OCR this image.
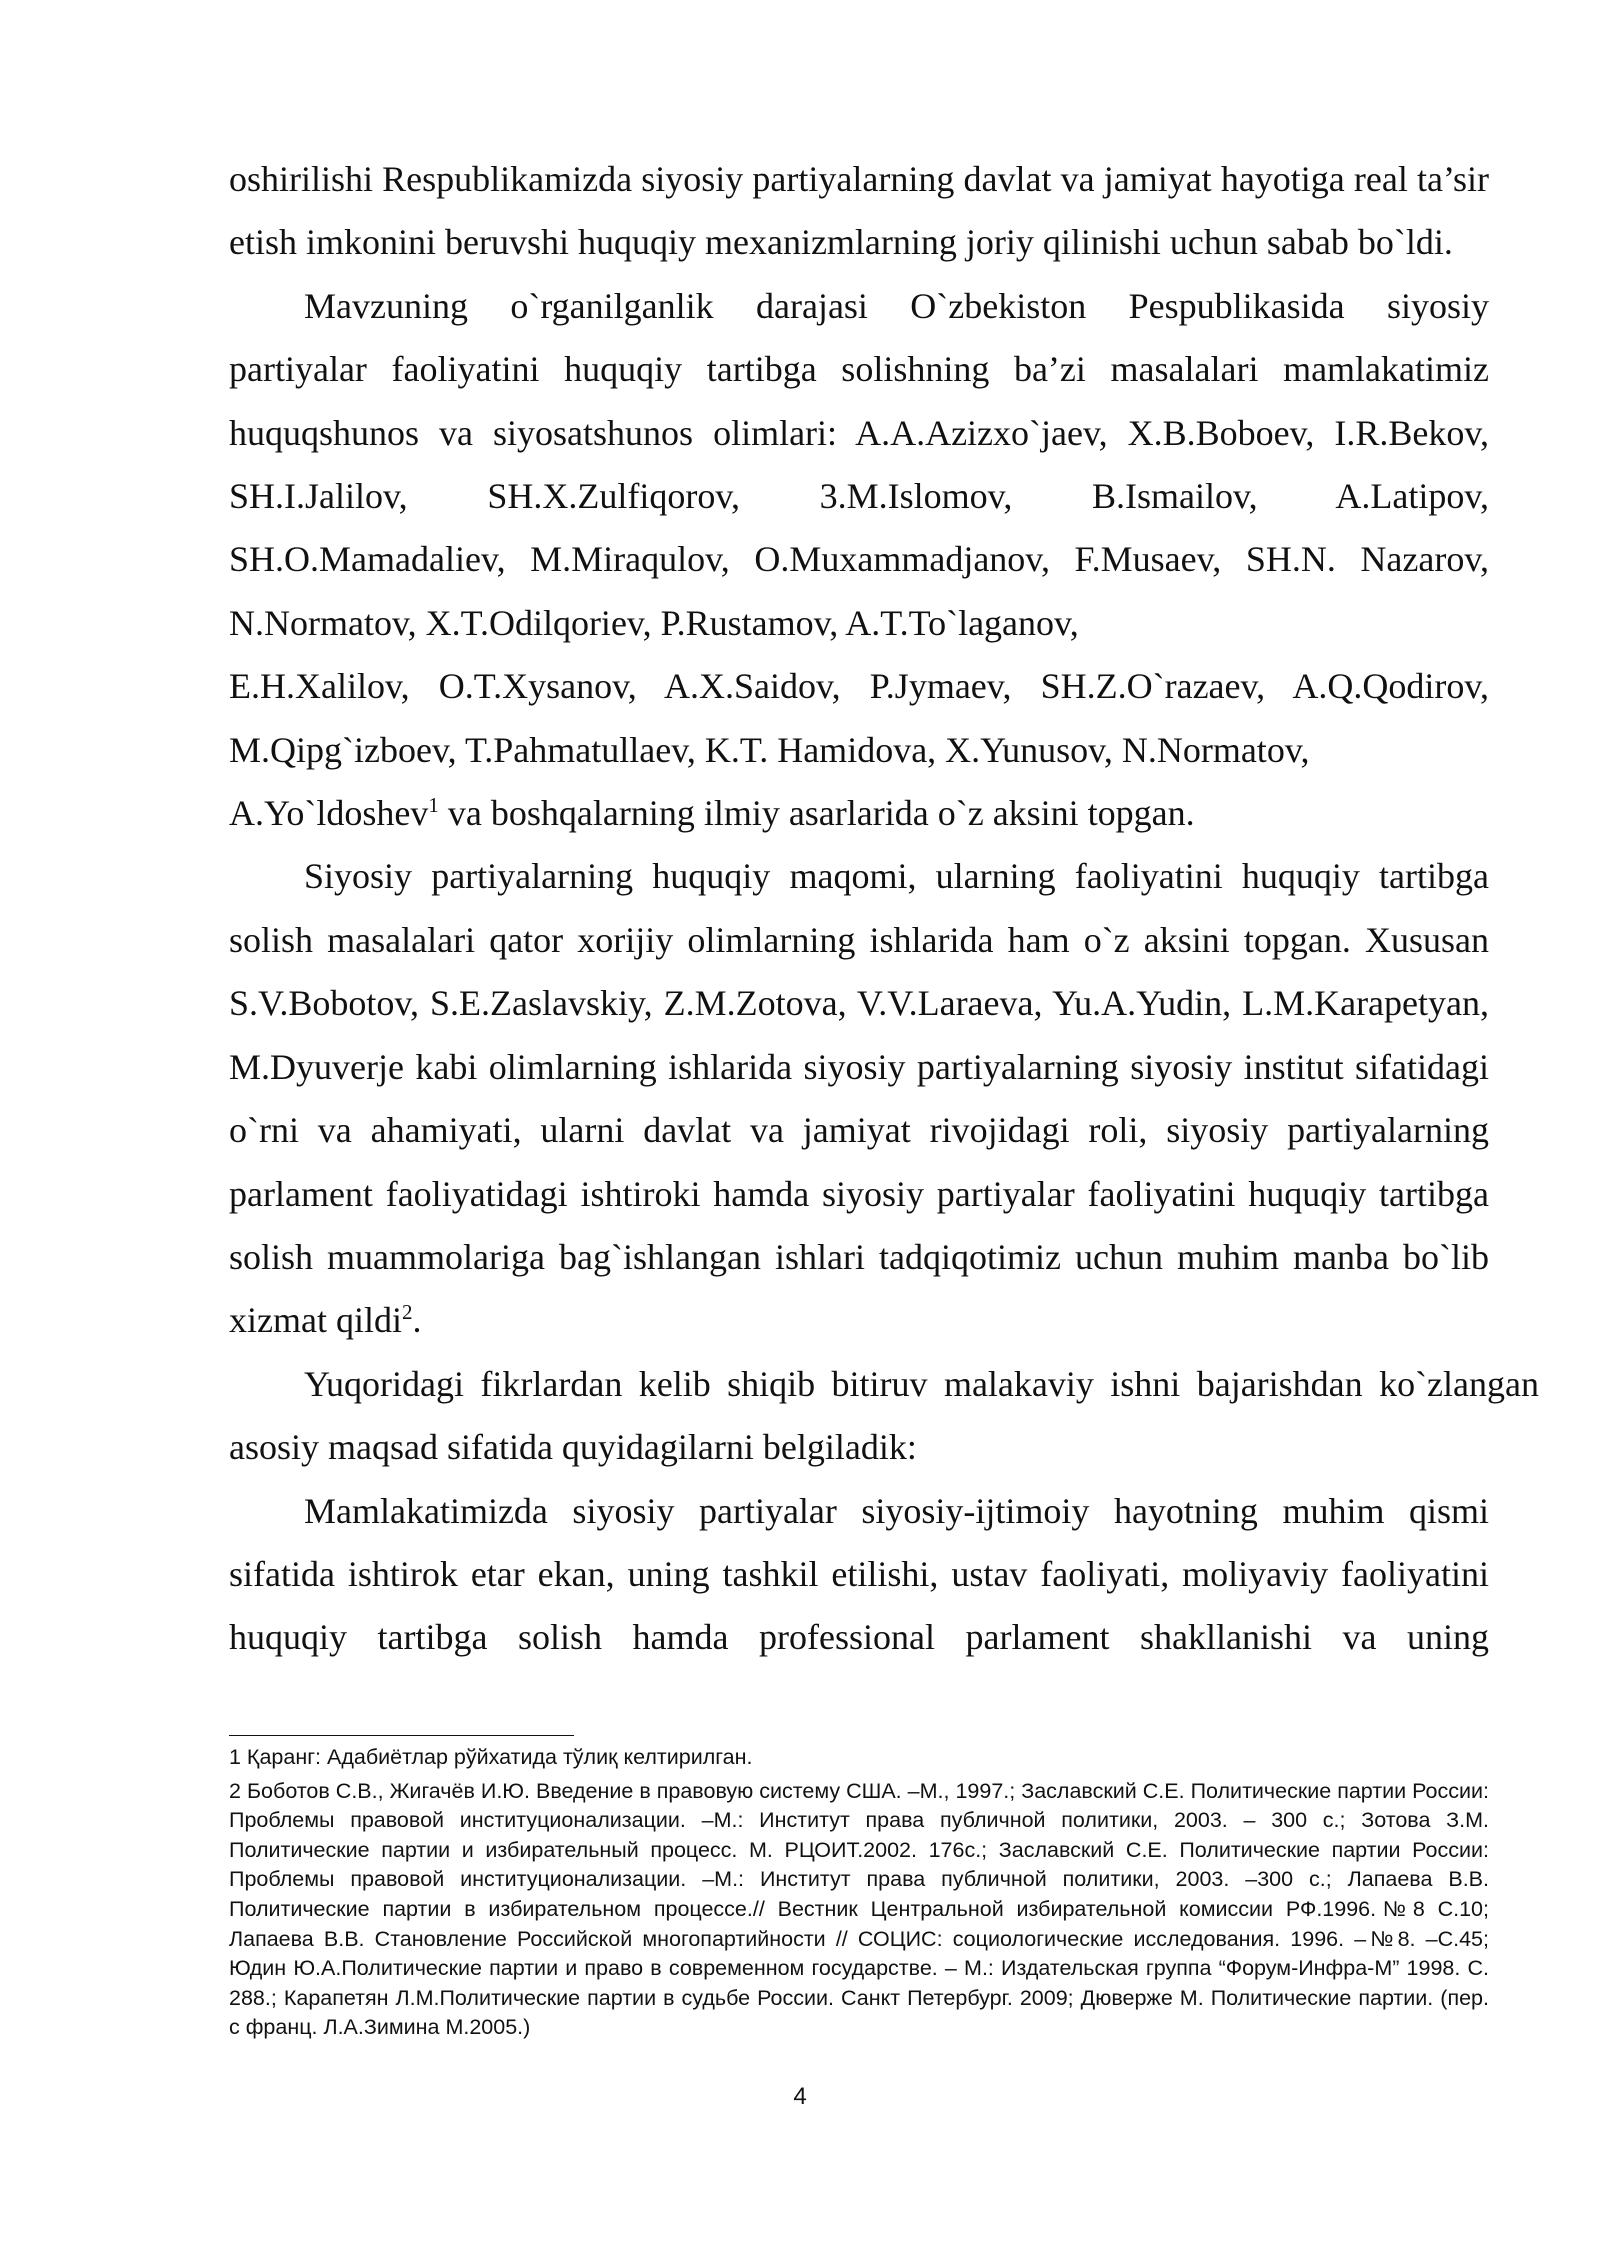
oshirilishi Respublikamizda siyosiy partiyalarning davlat va jamiyat hayotiga real ta’sir etish imkonini beruvshi huquqiy mexanizmlarning joriy qilinishi uchun sabab bo`ldi.

Mavzuning o`rganilganlik darajasi O`zbekiston Pespublikasida siyosiy
partiyalar faoliyatini huquqiy tartibga solishning ba’zi masalalari mamlakatimiz
huquqshunos va siyosatshunos olimlari: A.A.Azizxo`jaev, X.B.Boboev, I.R.Bekov,
SH.I.Jalilov, SH.X.Zulfiqorov, 3.M.Islomov, B.Ismailov, A.Latipov,
SH.O.Mamadaliev, M.Miraqulov, O.Muxammadjanov, F.Musaev, SH.N. Nazarov,
N.Normatov, X.T.Odilqoriev, P.Rustamov, A.T.To`laganov,
E.H.Xalilov, O.T.Xysanov, A.X.Saidov, P.Jymaev, SH.Z.O`razaev, A.Q.Qodirov,
M.Qipg`izboev, T.Pahmatullaev, K.T. Hamidova, X.Yunusov, N.Normatov,
A.Yo`ldoshev$^1$ va boshqalarning ilmiy asarlarida o`z aksini topgan.

Siyosiy partiyalarning huquqiy maqomi, ularning faoliyatini huquqiy tartibga solish masalalari qator xorijiy olimlarning ishlarida ham o`z aksini topgan. Xususan S.V.Bobotov, S.E.Zaslavskiy, Z.M.Zotova, V.V.Laraeva, Yu.A.Yudin, L.M.Karapetyan, M.Dyuverje kabi olimlarning ishlarida siyosiy partiyalarning siyosiy institut sifatidagi o`rni va ahamiyati, ularni davlat va jamiyat rivojidagi roli, siyosiy partiyalarning parlament faoliyatidagi ishtiroki hamda siyosiy partiyalar faoliyatini huquqiy tartibga solish muammolariga bag`ishlangan ishlari tadqiqotimiz uchun muhim manba bo`lib xizmat qildi$^2$.

Yuqoridagi fikrlardan kelib shiqib bitiruv malakaviy ishni bajarishdan ko`zlangan asosiy maqsad sifatida quyidagilarni belgiladik:

Mamlakatimizda siyosiy partiyalar siyosiy-ijtimoiy hayotning muhim qismi sifatida ishtirok etar ekan, uning tashkil etilishi, ustav faoliyati, moliyaviy faoliyatini huquqiy tartibga solish hamda professional parlament shakllanishi va uning

1 Қаранг: Адабиётлар рўйхатида тўлиқ келтирилган.

2 Боботов С.В., Жигачёв И.Ю. Введение в правовую систему США. –М., 1997.; Заславский С.Е. Политические партии России: Проблемы правовой институционализации. –М.: Институт права публичной политики, 2003. – 300 с.; Зотова З.М. Политические партии и избирательный процесс. М. РЦОИТ.2002. 176с.; Заславский С.Е. Политические партии России: Проблемы правовой институционализации. –М.: Институт права публичной политики, 2003. –300 с.; Лапаева В.В. Политические партии в избирательном процессе.// Вестник Центральной избирательной комиссии РФ.1996.№8 С.10; Лапаева В.В. Становление Российской многопартийности // СОЦИС: социологические исследования. 1996. –№8. –С.45; Юдин Ю.А.Политические партии и право в современном государстве. – М.: Издательская группа “Форум-Инфра-М” 1998. С. 288.; Карапетян Л.М.Политические партии в судьбе России. Санкт Петербург. 2009; Дюверже М. Политические партии. (пер. с франц. Л.А.Зимина М.2005.)

4
